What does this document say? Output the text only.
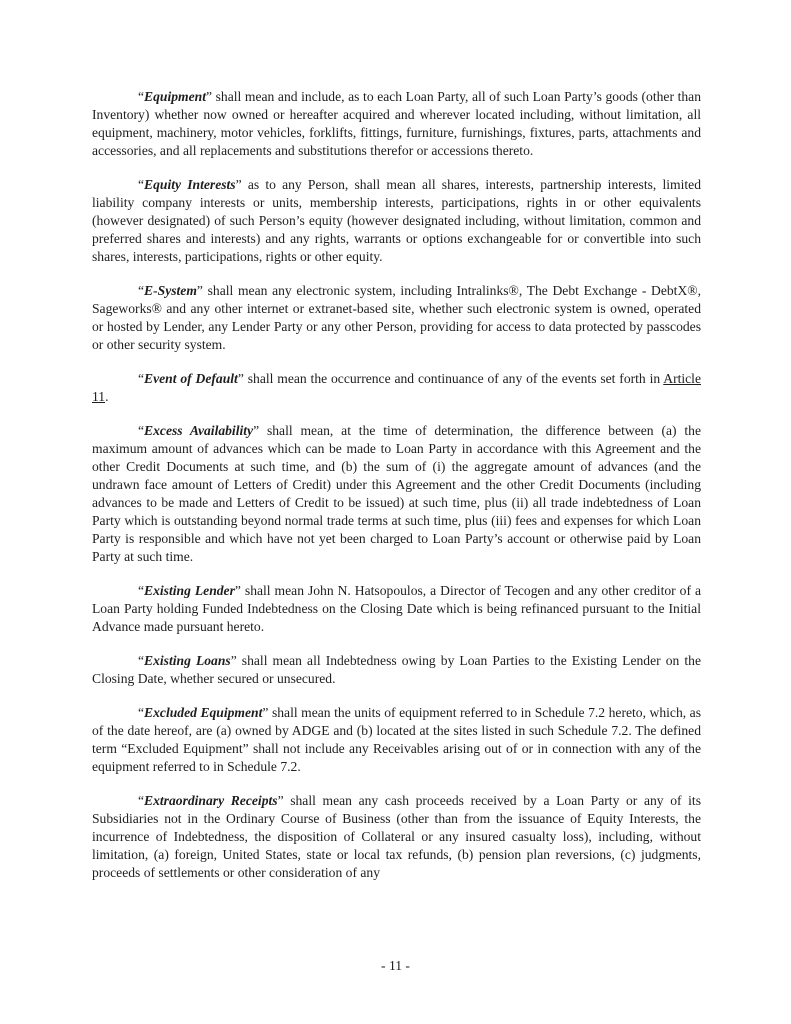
“Equipment” shall mean and include, as to each Loan Party, all of such Loan Party’s goods (other than Inventory) whether now owned or hereafter acquired and wherever located including, without limitation, all equipment, machinery, motor vehicles, forklifts, fittings, furniture, furnishings, fixtures, parts, attachments and accessories, and all replacements and substitutions therefor or accessions thereto.

“Equity Interests” as to any Person, shall mean all shares, interests, partnership interests, limited liability company interests or units, membership interests, participations, rights in or other equivalents (however designated) of such Person’s equity (however designated including, without limitation, common and preferred shares and interests) and any rights, warrants or options exchangeable for or convertible into such shares, interests, participations, rights or other equity.

“E-System” shall mean any electronic system, including Intralinks®, The Debt Exchange - DebtX®, Sageworks® and any other internet or extranet-based site, whether such electronic system is owned, operated or hosted by Lender, any Lender Party or any other Person, providing for access to data protected by passcodes or other security system.

“Event of Default” shall mean the occurrence and continuance of any of the events set forth in Article 11.

“Excess Availability” shall mean, at the time of determination, the difference between (a) the maximum amount of advances which can be made to Loan Party in accordance with this Agreement and the other Credit Documents at such time, and (b) the sum of (i) the aggregate amount of advances (and the undrawn face amount of Letters of Credit) under this Agreement and the other Credit Documents (including advances to be made and Letters of Credit to be issued) at such time, plus (ii) all trade indebtedness of Loan Party which is outstanding beyond normal trade terms at such time, plus (iii) fees and expenses for which Loan Party is responsible and which have not yet been charged to Loan Party’s account or otherwise paid by Loan Party at such time.

“Existing Lender” shall mean John N. Hatsopoulos, a Director of Tecogen and any other creditor of a Loan Party holding Funded Indebtedness on the Closing Date which is being refinanced pursuant to the Initial Advance made pursuant hereto.

“Existing Loans” shall mean all Indebtedness owing by Loan Parties to the Existing Lender on the Closing Date, whether secured or unsecured.

“Excluded Equipment” shall mean the units of equipment referred to in Schedule 7.2 hereto, which, as of the date hereof, are (a) owned by ADGE and (b) located at the sites listed in such Schedule 7.2. The defined term “Excluded Equipment” shall not include any Receivables arising out of or in connection with any of the equipment referred to in Schedule 7.2.

“Extraordinary Receipts” shall mean any cash proceeds received by a Loan Party or any of its Subsidiaries not in the Ordinary Course of Business (other than from the issuance of Equity Interests, the incurrence of Indebtedness, the disposition of Collateral or any insured casualty loss), including, without limitation, (a) foreign, United States, state or local tax refunds, (b) pension plan reversions, (c) judgments, proceeds of settlements or other consideration of any

- 11 -
